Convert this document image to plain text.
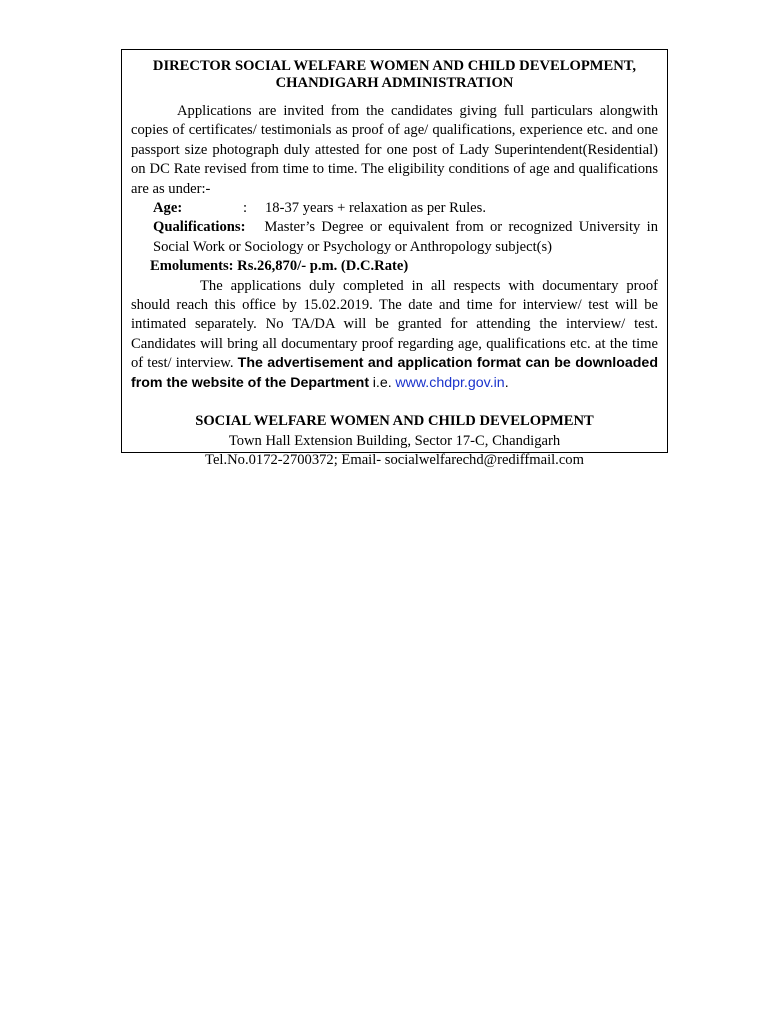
DIRECTOR SOCIAL WELFARE WOMEN AND CHILD DEVELOPMENT,
CHANDIGARH ADMINISTRATION

Applications are invited from the candidates giving full particulars alongwith copies of certificates/ testimonials as proof of age/ qualifications, experience etc. and one passport size photograph duly attested for one post of Lady Superintendent(Residential) on DC Rate revised from time to time. The eligibility conditions of age and qualifications are as under:-

Age:	: 18-37 years + relaxation as per Rules.

Qualifications: Master’s Degree or equivalent from or recognized University in Social Work or Sociology or Psychology or Anthropology subject(s)

Emoluments: Rs.26,870/- p.m. (D.C.Rate)

The applications duly completed in all respects with documentary proof should reach this office by 15.02.2019. The date and time for interview/ test will be intimated separately. No TA/DA will be granted for attending the interview/ test. Candidates will bring all documentary proof regarding age, qualifications etc. at the time of test/ interview. The advertisement and application format can be downloaded from the website of the Department i.e. www.chdpr.gov.in.

SOCIAL WELFARE WOMEN AND CHILD DEVELOPMENT
Town Hall Extension Building, Sector 17-C, Chandigarh
Tel.No.0172-2700372; Email- socialwelfarechd@rediffmail.com
